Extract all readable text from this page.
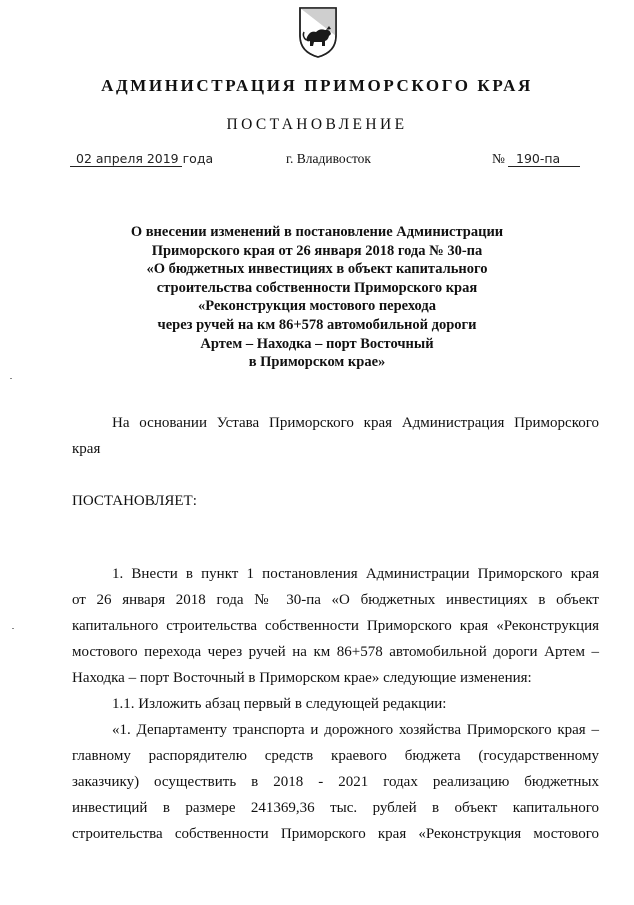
АДМИНИСТРАЦИЯ ПРИМОРСКОГО КРАЯ
ПОСТАНОВЛЕНИЕ
02 апреля 2019 года	г. Владивосток	№ 190-па
О внесении изменений в постановление Администрации
Приморского края от 26 января 2018 года № 30-па
«О бюджетных инвестициях в объект капитального
строительства собственности Приморского края
«Реконструкция мостового перехода
через ручей на км 86+578 автомобильной дороги
Артем – Находка – порт Восточный
в Приморском крае»
На основании Устава Приморского края Администрация Приморского
края
ПОСТАНОВЛЯЕТ:
1. Внести в пункт 1 постановления Администрации Приморского края
от 26 января 2018 года № 30-па «О бюджетных инвестициях в объект
капитального строительства собственности Приморского края «Реконструкция
мостового перехода через ручей на км 86+578 автомобильной дороги Артем –
Находка – порт Восточный в Приморском крае» следующие изменения:
1.1. Изложить абзац первый в следующей редакции:
«1. Департаменту транспорта и дорожного хозяйства Приморского края –
главному распорядителю средств краевого бюджета (государственному
заказчику) осуществить в 2018 - 2021 годах реализацию бюджетных
инвестиций в размере 241369,36 тыс. рублей в объект капитального
строительства собственности Приморского края «Реконструкция мостового
